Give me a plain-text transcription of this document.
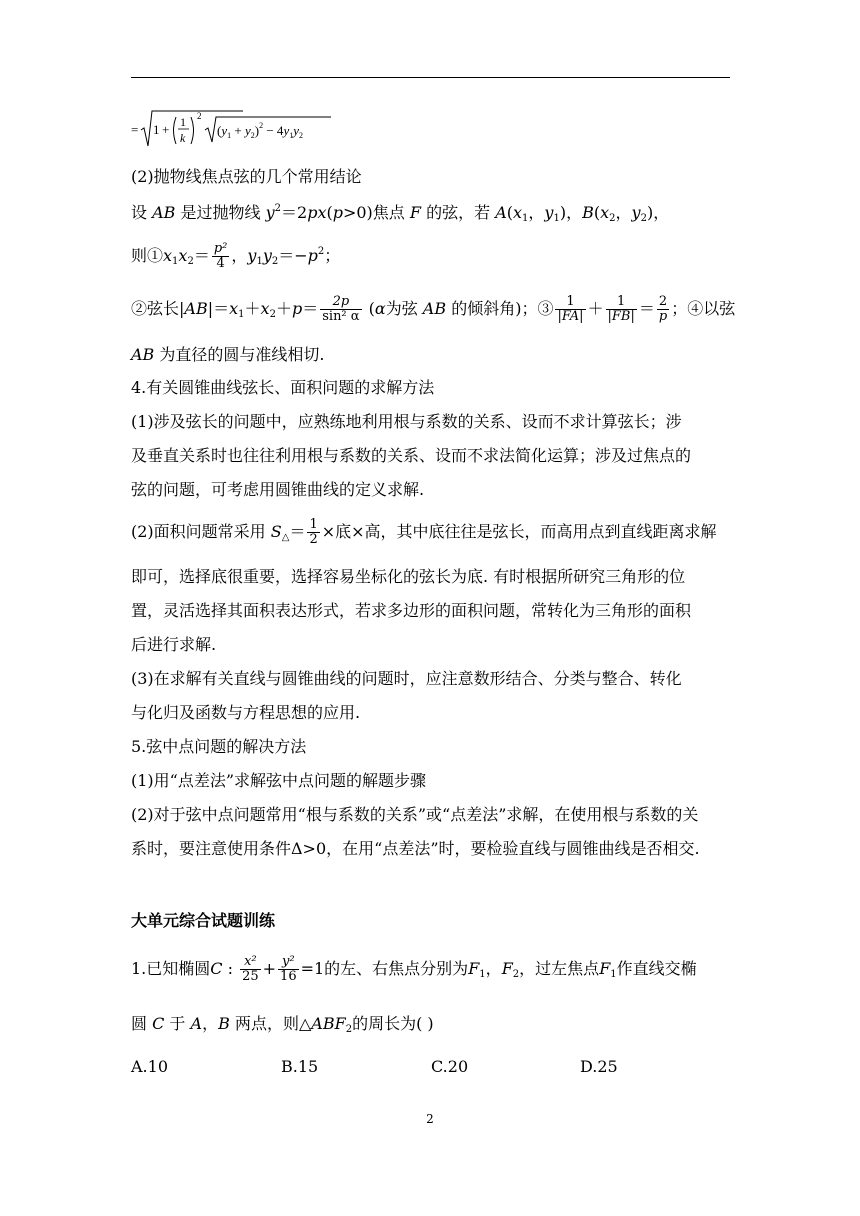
= 1 + 1
k
2
$(y_1 + y_2)^2 - 4y_1y_2$
(2)抛物线焦点弦的几个常用结论
设 AB 是过抛物线 $y^2=2px(p>0)$焦点 F 的弦，若 $A(x_1$，$y_1$)，$B(x_2$，$y_2$)，
则$①x_1x_2= \frac{\text{p²}}{4}$ ，$y_1y_2=-p^2$；
②弦长$|AB|=x_1+x_2+p= \frac{2p}{\text{sin² α}} (\alpha$为弦 AB 的倾斜角)；③ $\frac{1}{|FA|} + \frac{1}{|FB|} = \frac{2}{p}$ ；④以弦
AB 为直径的圆与准线相切.
4.有关圆锥曲线弦长、面积问题的求解方法
(1)涉及弦长的问题中，应熟练地利用根与系数的关系、设而不求计算弦长；涉
及垂直关系时也往往利用根与系数的关系、设而不求法简化运算；涉及过焦点的
弦的问题，可考虑用圆锥曲线的定义求解.
(2)面积问题常采用 $S_\triangle= \frac{1}{2}$ ×底×高，其中底往往是弦长，而高用点到直线距离求解
即可，选择底很重要，选择容易坐标化的弦长为底. 有时根据所研究三角形的位
置，灵活选择其面积表达形式，若求多边形的面积问题，常转化为三角形的面积
后进行求解.
(3)在求解有关直线与圆锥曲线的问题时，应注意数形结合、分类与整合、转化
与化归及函数与方程思想的应用.
5.弦中点问题的解决方法
(1)用“点差法”求解弦中点问题的解题步骤
(2)对于弦中点问题常用“根与系数的关系”或“点差法”求解，在使用根与系数的关
系时，要注意使用条件Δ>0，在用“点差法”时，要检验直线与圆锥曲线是否相交.
大单元综合试题训练
1.已知椭圆C : $\frac{\text{x²}}{25} + \frac{\text{y²}}{16} =1$的左、右焦点分别为$F_1$，$F_2$，过左焦点$F_1$作直线交椭
圆 C 于 A，B 两点，则$\triangle ABF_2$的周长为( )
A.10	B.15	C.20	D.25
2
